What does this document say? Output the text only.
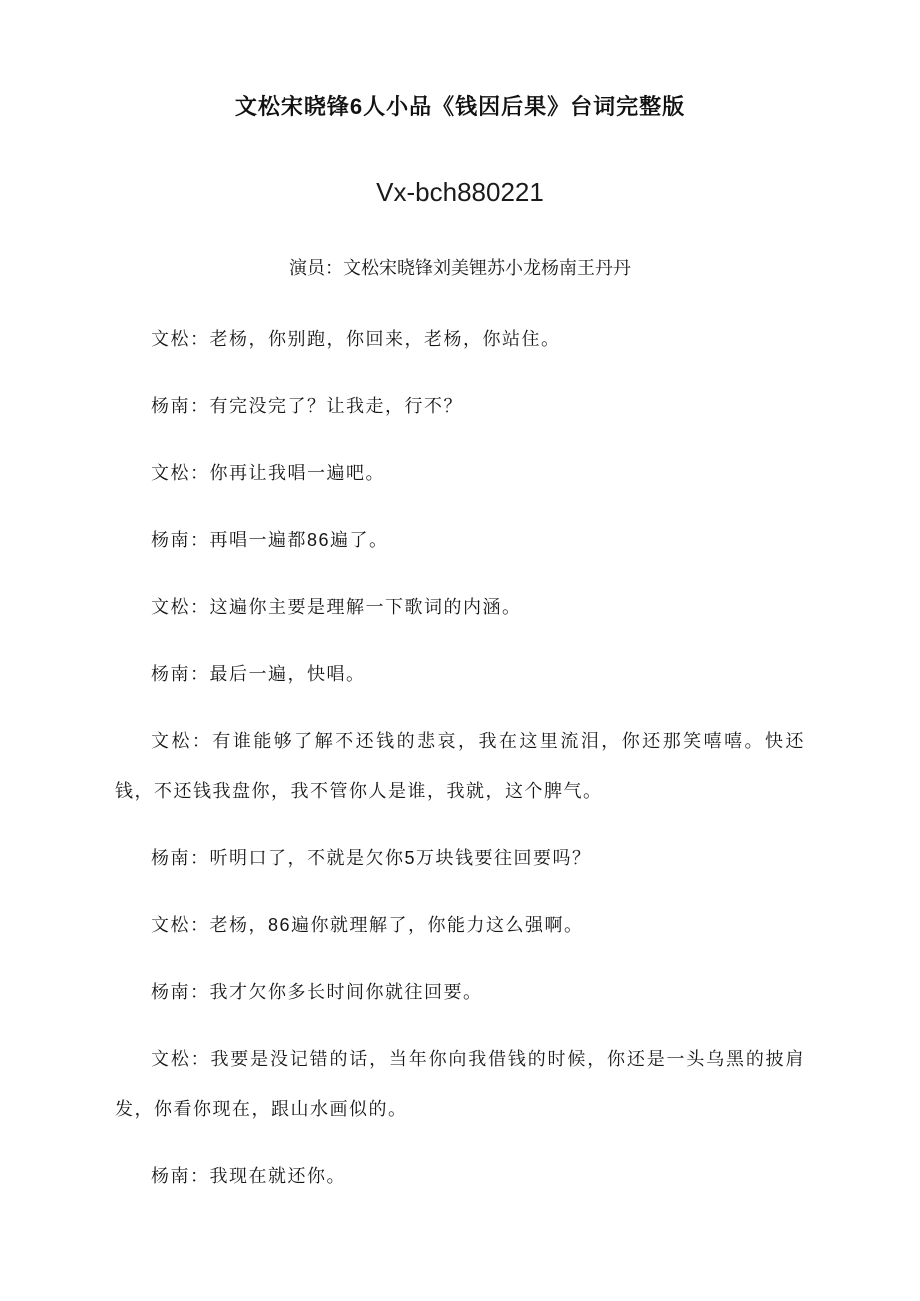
文松宋晓锋6人小品《钱因后果》台词完整版
Vx-bch880221

演员：文松宋晓锋刘美锂苏小龙杨南王丹丹

文松：老杨，你别跑，你回来，老杨，你站住。

杨南：有完没完了？让我走，行不？

文松：你再让我唱一遍吧。

杨南：再唱一遍都86遍了。

文松：这遍你主要是理解一下歌词的内涵。

杨南：最后一遍，快唱。

文松：有谁能够了解不还钱的悲哀，我在这里流泪，你还那笑嘻嘻。快还钱，不还钱我盘你，我不管你人是谁，我就，这个脾气。

杨南：听明口了，不就是欠你5万块钱要往回要吗？

文松：老杨，86遍你就理解了，你能力这么强啊。

杨南：我才欠你多长时间你就往回要。

文松：我要是没记错的话，当年你向我借钱的时候，你还是一头乌黑的披肩发，你看你现在，跟山水画似的。

杨南：我现在就还你。
